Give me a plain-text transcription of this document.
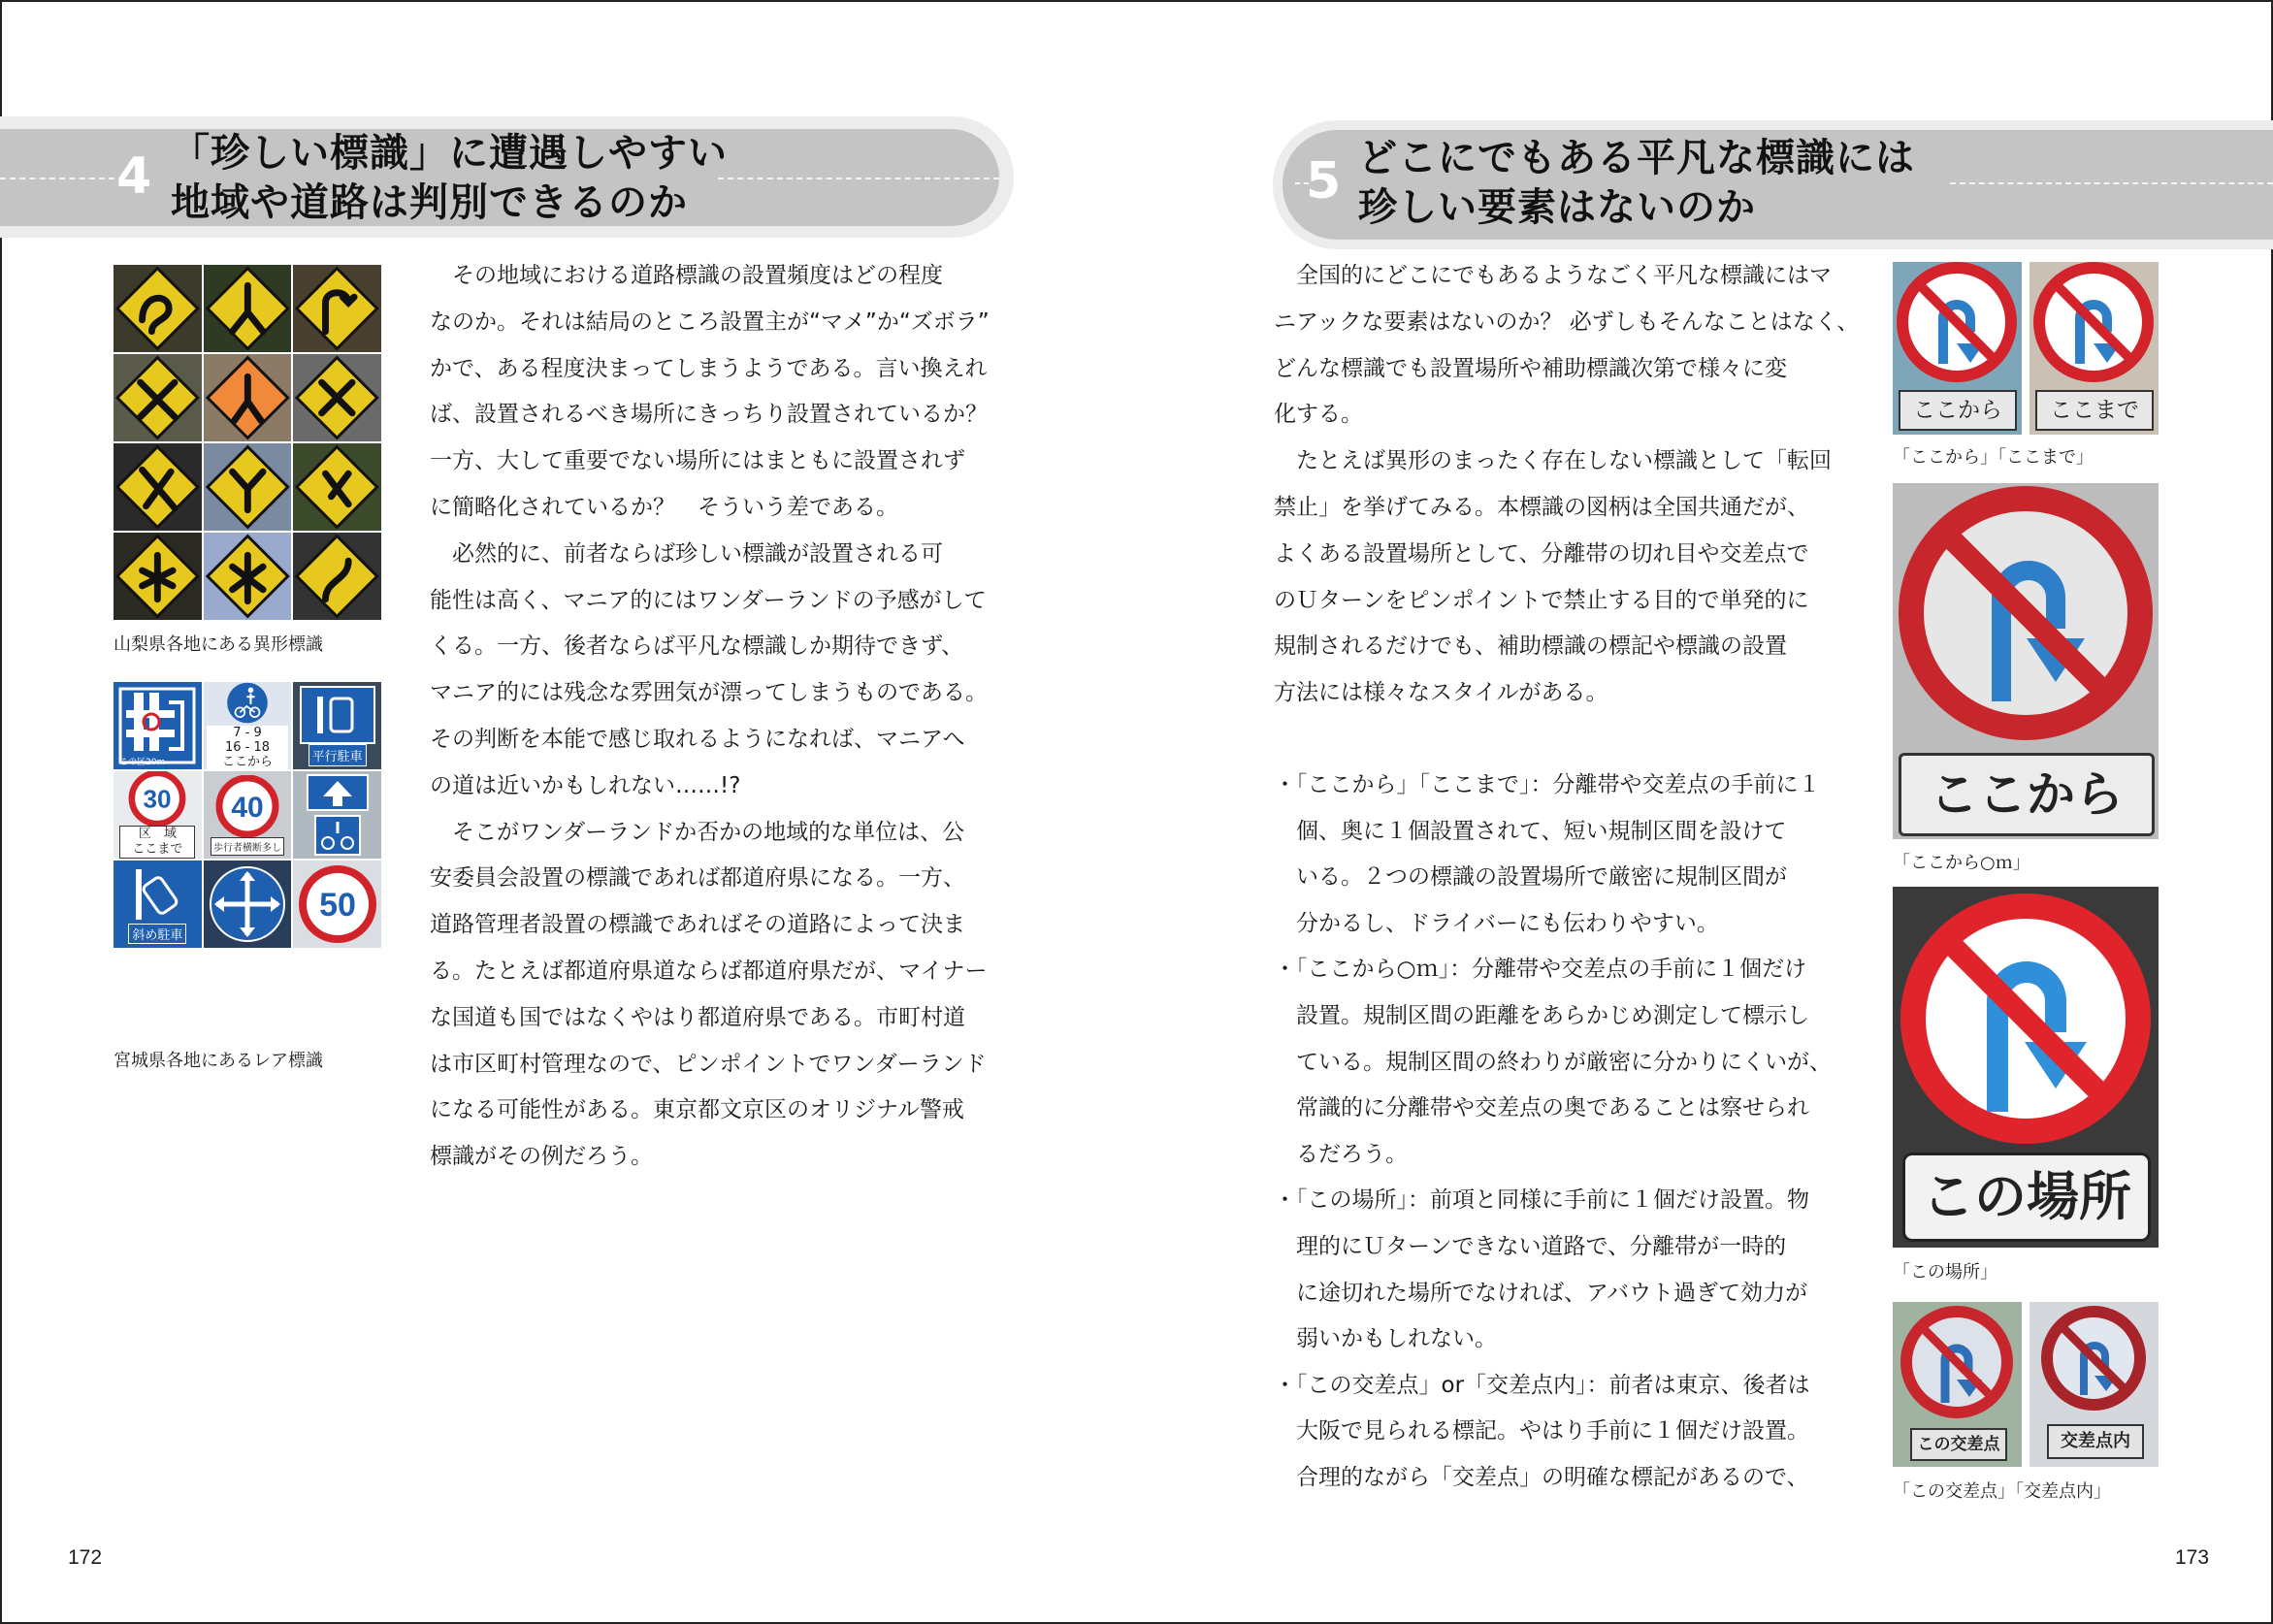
4 「珍しい標識」に遭遇しやすい
地域や道路は判別できるのか
山梨県各地にある異形標識
この区20m
7 - 9
16 - 18
ここから	平行駐車
30
区　域
ここまで
40
歩行者横断多し
斜め駐車
50
宮城県各地にあるレア標識

　その地域における道路標識の設置頻度はどの程度

なのか。それは結局のところ設置主が“マメ”か“ズボラ”

かで、ある程度決まってしまうようである。言い換えれ

ば、設置されるべき場所にきっちり設置されているか？

一方、大して重要でない場所にはまともに設置されず

に簡略化されているか？　そういう差である。

　必然的に、前者ならば珍しい標識が設置される可

能性は高く、マニア的にはワンダーランドの予感がして

くる。一方、後者ならば平凡な標識しか期待できず、

マニア的には残念な雰囲気が漂ってしまうものである。

その判断を本能で感じ取れるようになれば、マニアへ

の道は近いかもしれない……!?

　そこがワンダーランドか否かの地域的な単位は、公

安委員会設置の標識であれば都道府県になる。一方、

道路管理者設置の標識であればその道路によって決ま

る。たとえば都道府県道ならば都道府県だが、マイナー

な国道も国ではなくやはり都道府県である。市町村道

は市区町村管理なので、ピンポイントでワンダーランド

になる可能性がある。東京都文京区のオリジナル警戒

標識がその例だろう。

172
5 どこにでもある平凡な標識には
珍しい要素はないのか

　全国的にどこにでもあるようなごく平凡な標識にはマ

ニアックな要素はないのか？ 必ずしもそんなことはなく、

どんな標識でも設置場所や補助標識次第で様々に変

化する。

　たとえば異形のまったく存在しない標識として「転回

禁止」を挙げてみる。本標識の図柄は全国共通だが、

よくある設置場所として、分離帯の切れ目や交差点で

のＵターンをピンポイントで禁止する目的で単発的に

規制されるだけでも、補助標識の標記や標識の設置

方法には様々なスタイルがある。

・「ここから」「ここまで」：分離帯や交差点の手前に１

　個、奥に１個設置されて、短い規制区間を設けて

　いる。２つの標識の設置場所で厳密に規制区間が

　分かるし、ドライバーにも伝わりやすい。

・「ここから○ｍ」：分離帯や交差点の手前に１個だけ

　設置。規制区間の距離をあらかじめ測定して標示し

　ている。規制区間の終わりが厳密に分かりにくいが、

　常識的に分離帯や交差点の奥であることは察せられ

　るだろう。

・「この場所」：前項と同様に手前に１個だけ設置。物

　理的にＵターンできない道路で、分離帯が一時的

　に途切れた場所でなければ、アバウト過ぎて効力が

　弱いかもしれない。

・「この交差点」or「交差点内」：前者は東京、後者は

　大阪で見られる標記。やはり手前に１個だけ設置。

　合理的ながら「交差点」の明確な標記があるので、

ここから	ここまで
「ここから」「ここまで」
ここから
「ここから○ｍ」
この場所
「この場所」
この交差点	交差点内
「この交差点」「交差点内」
173
